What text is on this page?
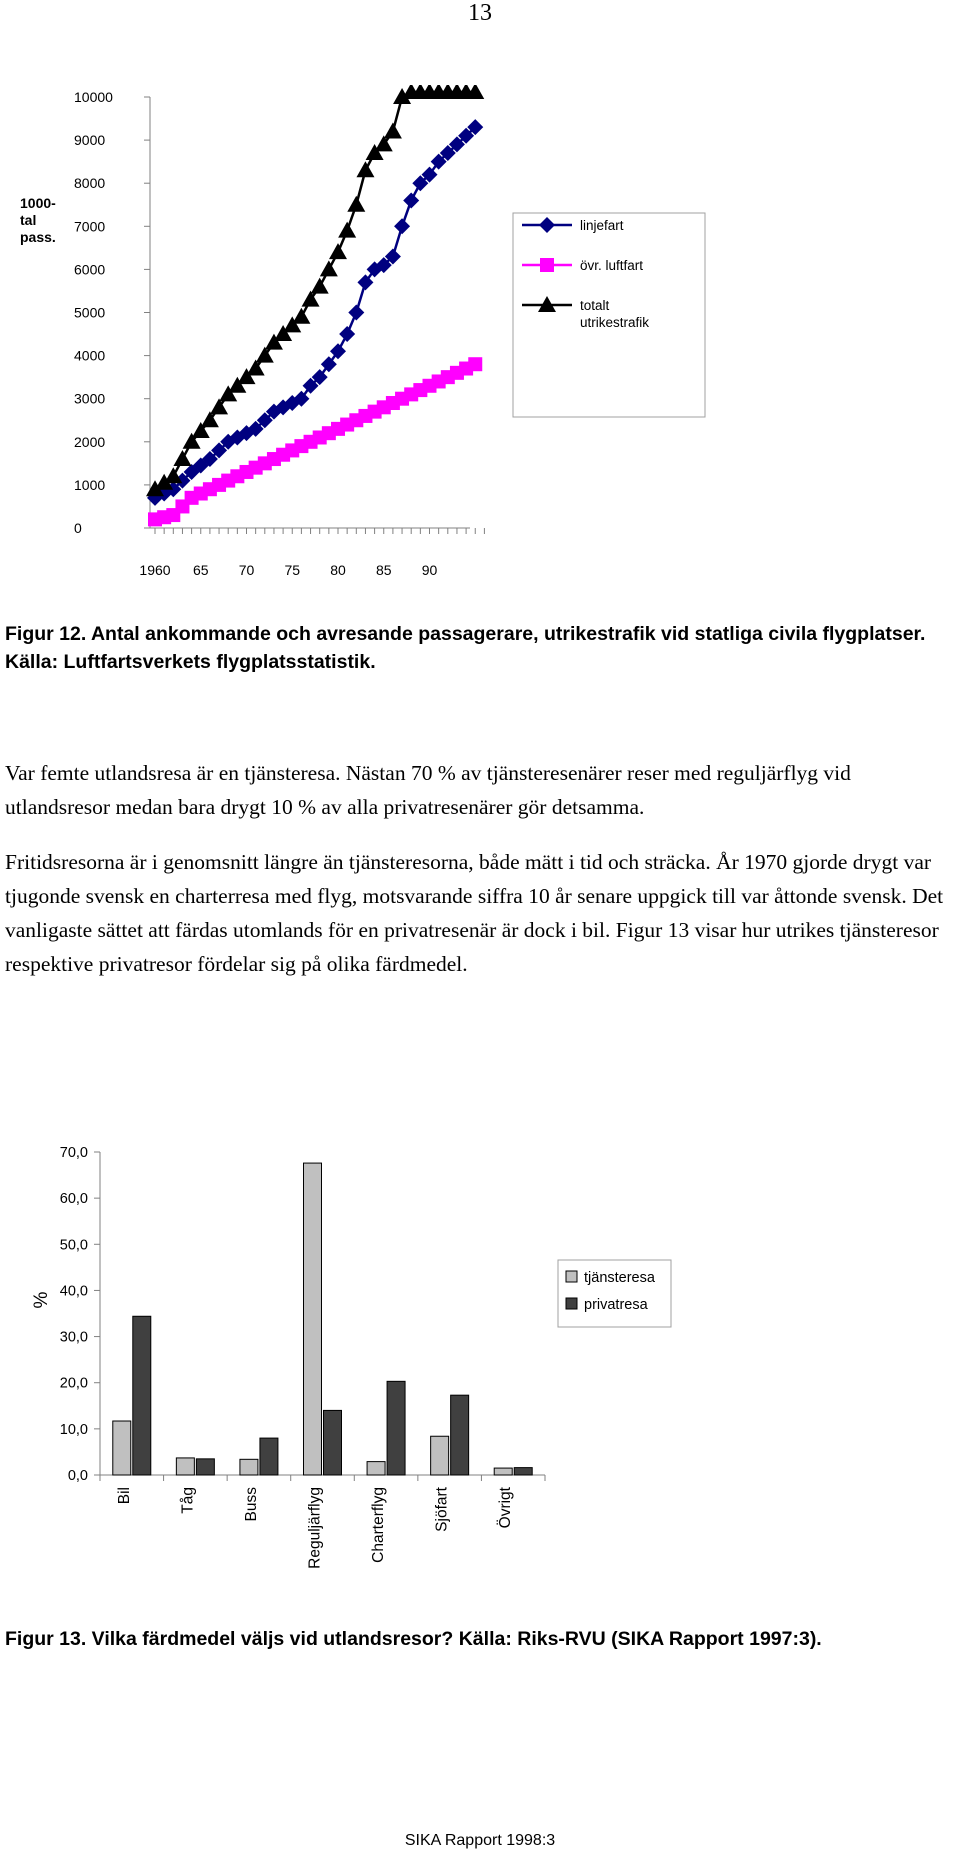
13
1000-
tal
pass.
0
1000
2000
3000
4000
5000
6000
7000
8000
9000
10000
1960 65 70 75 80 85 90
linjefart
övr. luftfart
totalt
utrikestrafik
Figur 12. Antal ankommande och avresande passagerare, utrikestrafik vid statliga civila flygplatser. Källa: Luftfartsverkets flygplatsstatistik.

Var femte utlandsresa är en tjänsteresa. Nästan 70 % av tjänsteresenärer reser med reguljärflyg vid utlandsresor medan bara drygt 10 % av alla privatresenärer gör detsamma.

Fritidsresorna är i genomsnitt längre än tjänsteresorna, både mätt i tid och sträcka. År 1970 gjorde drygt var tjugonde svensk en charterresa med flyg, motsvarande siffra 10 år senare uppgick till var åttonde svensk. Det vanligaste sättet att färdas utomlands för en privatresenär är dock i bil. Figur 13 visar hur utrikes tjänsteresor respektive privatresor fördelar sig på olika färdmedel.

%
0,0
10,0
20,0
30,0
40,0
50,0
60,0
70,0
Bil	Tåg	Buss	Reguljärflyg	Charterflyg	Sjöfart	Övrigt
tjänsteresa
privatresa
Figur 13. Vilka färdmedel väljs vid utlandsresor? Källa: Riks-RVU (SIKA Rapport 1997:3).
SIKA Rapport 1998:3
